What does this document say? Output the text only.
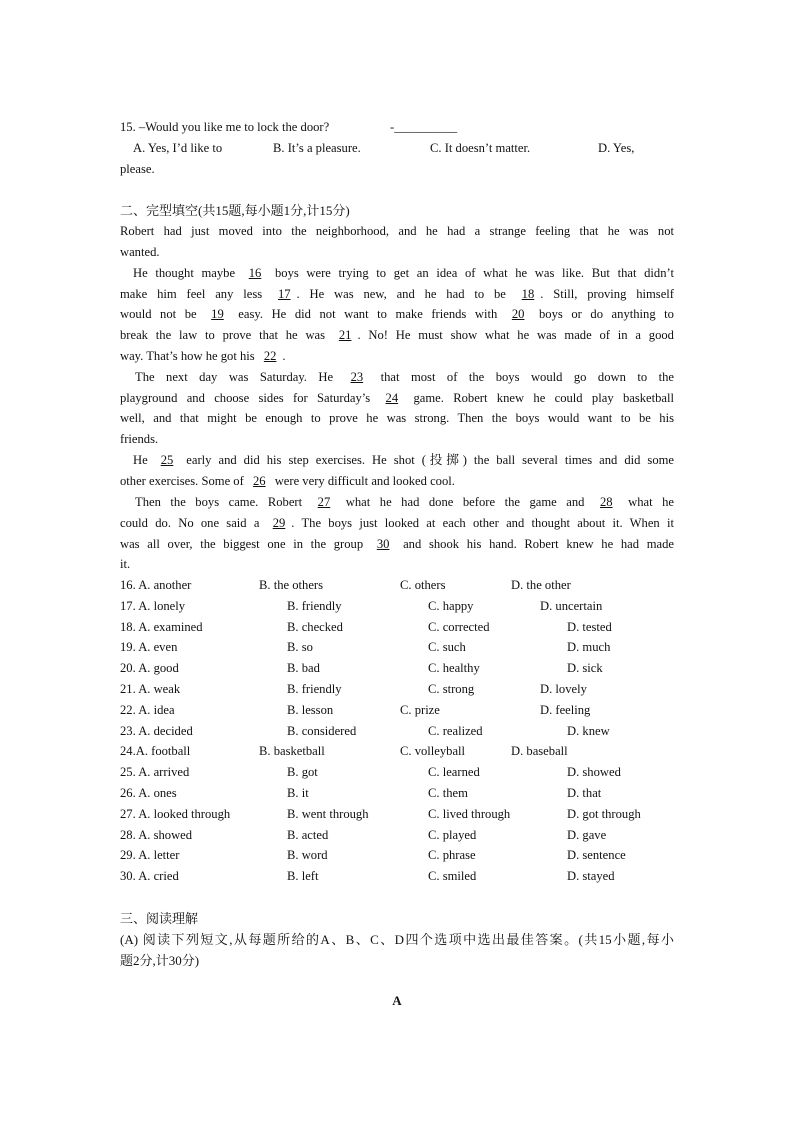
15. –Would you like me to lock the door?	-__________
A. Yes, I’d like to	B. It’s a pleasure.	C. It doesn’t matter.	D. Yes,
please.
二、完型填空(共15题,每小题1分,计15分)
Robert had just moved into the neighborhood, and he had a strange feeling that he was not
wanted.
He thought maybe 16 boys were trying to get an idea of what he was like. But that didn’t
make him feel any less 17 . He was new, and he had to be 18 . Still, proving himself
would not be 19 easy. He did not want to make friends with 20 boys or do anything to
break the law to prove that he was 21 . No! He must show what he was made of in a good
way. That’s how he got his 22 .
The next day was Saturday. He 23 that most of the boys would go down to the
playground and choose sides for Saturday’s 24 game. Robert knew he could play basketball
well, and that might be enough to prove he was strong. Then the boys would want to be his
friends.
He 25 early and did his step exercises. He shot (投掷) the ball several times and did some
other exercises. Some of 26 were very difficult and looked cool.
Then the boys came. Robert 27 what he had done before the game and 28 what he
could do. No one said a 29 . The boys just looked at each other and thought about it. When it
was all over, the biggest one in the group 30 and shook his hand. Robert knew he had made
it.
16. A. another	B. the others	C. others	D. the other
17. A. lonely	B. friendly	C. happy	D. uncertain
18. A. examined	B. checked	C. corrected	D. tested
19. A. even	B. so	C. such	D. much
20. A. good	B. bad	C. healthy	D. sick
21. A. weak	B. friendly	C. strong	D. lovely
22. A. idea	B. lesson	C. prize	D. feeling
23. A. decided	B. considered	C. realized	D. knew
24.A. football	B. basketball	C. volleyball	D. baseball
25. A. arrived	B. got	C. learned	D. showed
26. A. ones	B. it	C. them	D. that
27. A. looked through	B. went through	C. lived through	D. got through
28. A. showed	B. acted	C. played	D. gave
29. A. letter	B. word	C. phrase	D. sentence
30. A. cried	B. left	C. smiled	D. stayed
三、阅读理解
(A) 阅读下列短文,从每题所给的A、B、C、D四个选项中选出最佳答案。(共15小题,每小
题2分,计30分)
A
